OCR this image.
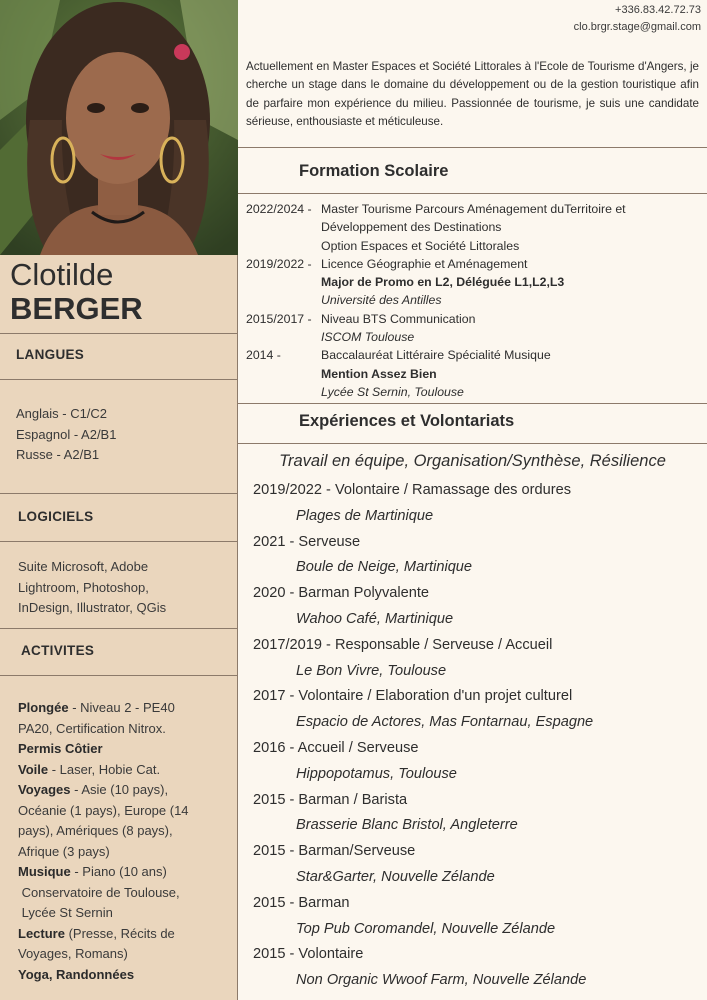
Clotilde
BERGER
LANGUES
Anglais - C1/C2
Espagnol - A2/B1
Russe - A2/B1
LOGICIELS
Suite Microsoft, Adobe
Lightroom, Photoshop,
InDesign, Illustrator, QGis
ACTIVITES
Plongée - Niveau 2 - PE40
PA20, Certification Nitrox.
Permis Côtier
Voile - Laser, Hobie Cat.
Voyages - Asie (10 pays),
Océanie (1 pays), Europe (14
pays), Amériques (8 pays),
Afrique (3 pays)
Musique - Piano (10 ans)
Conservatoire de Toulouse,
Lycée St Sernin
Lecture (Presse, Récits de
Voyages, Romans)
Yoga, Randonnées
+336.83.42.72.73
clo.brgr.stage@gmail.com
Actuellement en Master Espaces et Société Littorales à l'Ecole de Tourisme d'Angers, je cherche un stage dans le domaine du développement ou de la gestion touristique afin de parfaire mon expérience du milieu. Passionnée de tourisme, je suis une candidate sérieuse, enthousiaste et méticuleuse.
Formation Scolaire
2022/2024 - Master Tourisme Parcours Aménagement duTerritoire et
Développement des Destinations
Option Espaces et Société Littorales
2019/2022 - Licence Géographie et Aménagement
Major de Promo en L2, Déléguée L1,L2,L3
Université des Antilles
2015/2017 - Niveau BTS Communication
ISCOM Toulouse
2014 -	Baccalauréat Littéraire Spécialité Musique
Mention Assez Bien
Lycée St Sernin, Toulouse
Expériences et Volontariats
Travail en équipe, Organisation/Synthèse, Résilience
2019/2022 - Volontaire / Ramassage des ordures
Plages de Martinique
2021 - Serveuse
Boule de Neige, Martinique
2020 - Barman Polyvalente
Wahoo Café, Martinique
2017/2019 - Responsable / Serveuse / Accueil
Le Bon Vivre, Toulouse
2017 - Volontaire / Elaboration d'un projet culturel
Espacio de Actores, Mas Fontarnau, Espagne
2016 - Accueil / Serveuse
Hippopotamus, Toulouse
2015 - Barman / Barista
Brasserie Blanc Bristol, Angleterre
2015 - Barman/Serveuse
Star&Garter, Nouvelle Zélande
2015 - Barman
Top Pub Coromandel, Nouvelle Zélande
2015 - Volontaire
Non Organic Wwoof Farm, Nouvelle Zélande
